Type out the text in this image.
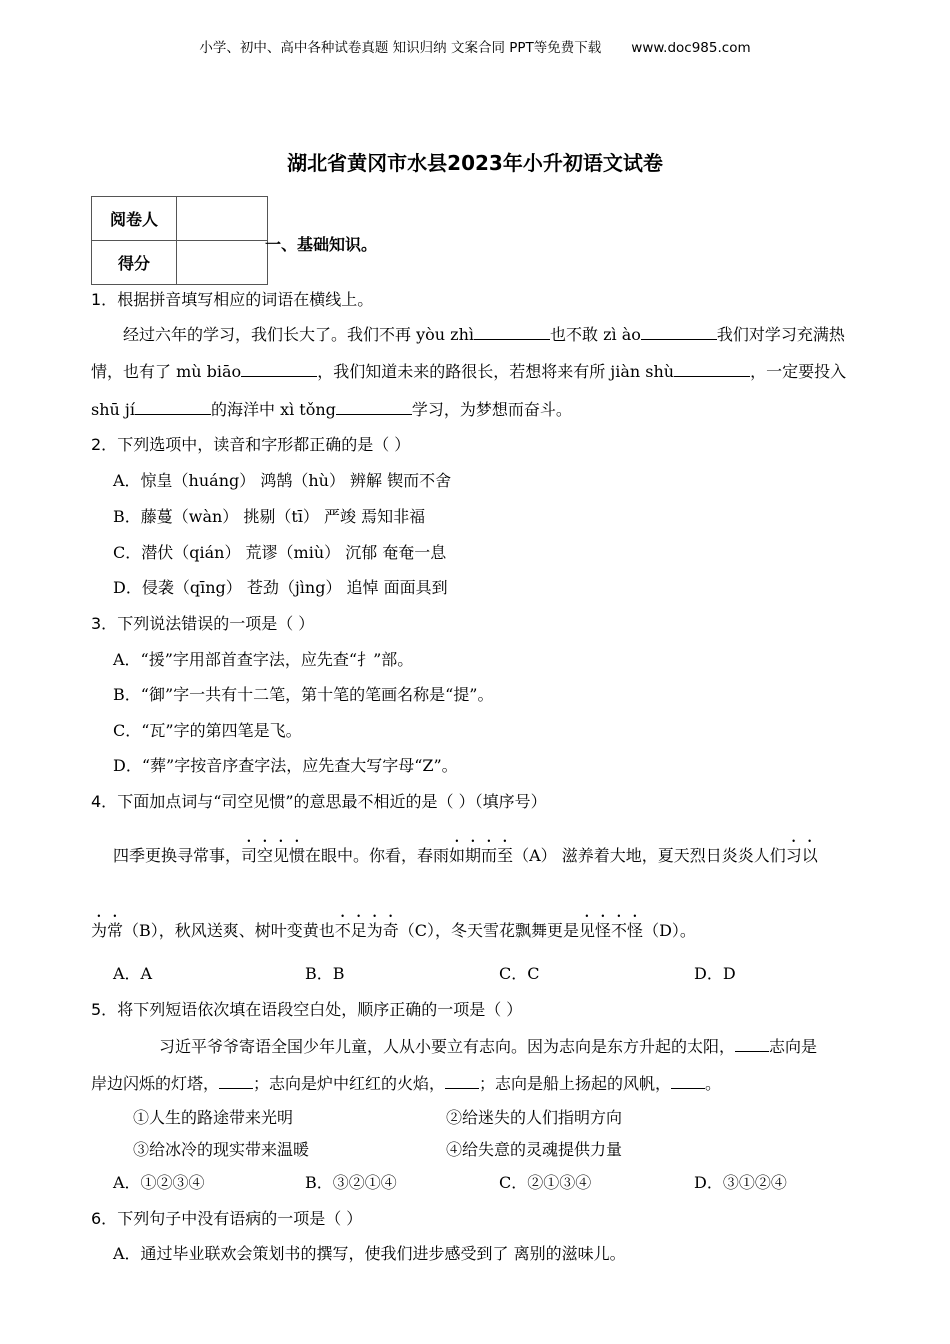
小学、初中、高中各种试卷真题 知识归纳 文案合同 PPT等免费下载 www.doc985.com
湖北省黄冈市水县2023年小升初语文试卷
阅卷人	
得分	
一、基础知识。
1．根据拼音填写相应的词语在横线上。
经过六年的学习，我们长大了。我们不再 yòu zhì	也不敢 zì ào	我们对学习充满热
情，也有了 mù biāo	，我们知道未来的路很长，若想将来有所 jiàn shù	，一定要投入
shū jí	的海洋中 xì tǒng	学习，为梦想而奋斗。
2．下列选项中，读音和字形都正确的是（ ）
A．惊皇（huáng） 鸿鹄（hù） 辨解 锲而不舍
B．藤蔓（wàn） 挑剔（tī） 严竣 焉知非福
C．潜伏（qián） 荒谬（miù） 沉郁 奄奄一息
D．侵袭（qīng） 苍劲（jìng） 追悼 面面具到
3．下列说法错误的一项是（ ）
A．“援”字用部首查字法，应先查“扌”部。
B．“御”字一共有十二笔，第十笔的笔画名称是“提”。
C．“瓦”字的第四笔是飞。
D．“葬”字按音序查字法，应先查大写字母“Z”。
4．下面加点词与“司空见惯”的意思最不相近的是（ ）（填序号）
四季更换寻常事，司空见惯在眼中。你看，春雨如期而至（A） 滋养着大地，夏天烈日炎炎人们习以
为常（B），秋风送爽、树叶变黄也不足为奇（C），冬天雪花飘舞更是见怪不怪（D）。
A．A	B．B	C．C	D．D
5．将下列短语依次填在语段空白处，顺序正确的一项是（ ）
习近平爷爷寄语全国少年儿童，人从小要立有志向。因为志向是东方升起的太阳， 志向是
岸边闪烁的灯塔， ；志向是炉中红红的火焰， ；志向是船上扬起的风帆， 。
①人生的路途带来光明	②给迷失的人们指明方向
③给冰冷的现实带来温暖	④给失意的灵魂提供力量
A．①②③④	B．③②①④	C．②①③④	D．③①②④
6．下列句子中没有语病的一项是（ ）
A．通过毕业联欢会策划书的撰写，使我们进步感受到了 离别的滋味儿。
